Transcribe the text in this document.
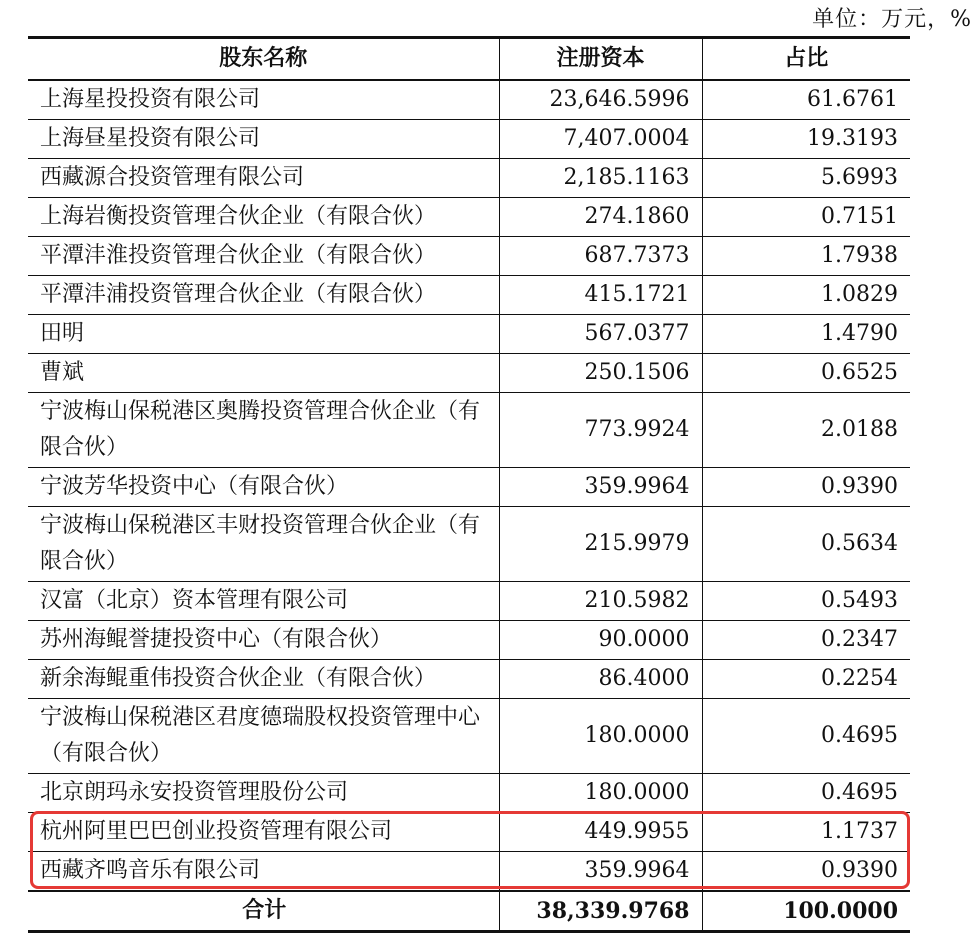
单位：万元，%
股东名称	注册资本	占比
上海星投投资有限公司	23,646.5996	61.6761
上海昼星投资有限公司	7,407.0004	19.3193
西藏源合投资管理有限公司	2,185.1163	5.6993
上海岩衡投资管理合伙企业（有限合伙）	274.1860	0.7151
平潭沣淮投资管理合伙企业（有限合伙）	687.7373	1.7938
平潭沣浦投资管理合伙企业（有限合伙）	415.1721	1.0829
田明	567.0377	1.4790
曹斌	250.1506	0.6525
宁波梅山保税港区奥腾投资管理合伙企业（有限合伙）	773.9924	2.0188
宁波芳华投资中心（有限合伙）	359.9964	0.9390
宁波梅山保税港区丰财投资管理合伙企业（有限合伙）	215.9979	0.5634
汉富（北京）资本管理有限公司	210.5982	0.5493
苏州海鲲誉捷投资中心（有限合伙）	90.0000	0.2347
新余海鲲重伟投资合伙企业（有限合伙）	86.4000	0.2254
宁波梅山保税港区君度德瑞股权投资管理中心（有限合伙）	180.0000	0.4695
北京朗玛永安投资管理股份公司	180.0000	0.4695
杭州阿里巴巴创业投资管理有限公司	449.9955	1.1737
西藏齐鸣音乐有限公司	359.9964	0.9390
合计	38,339.9768	100.0000
